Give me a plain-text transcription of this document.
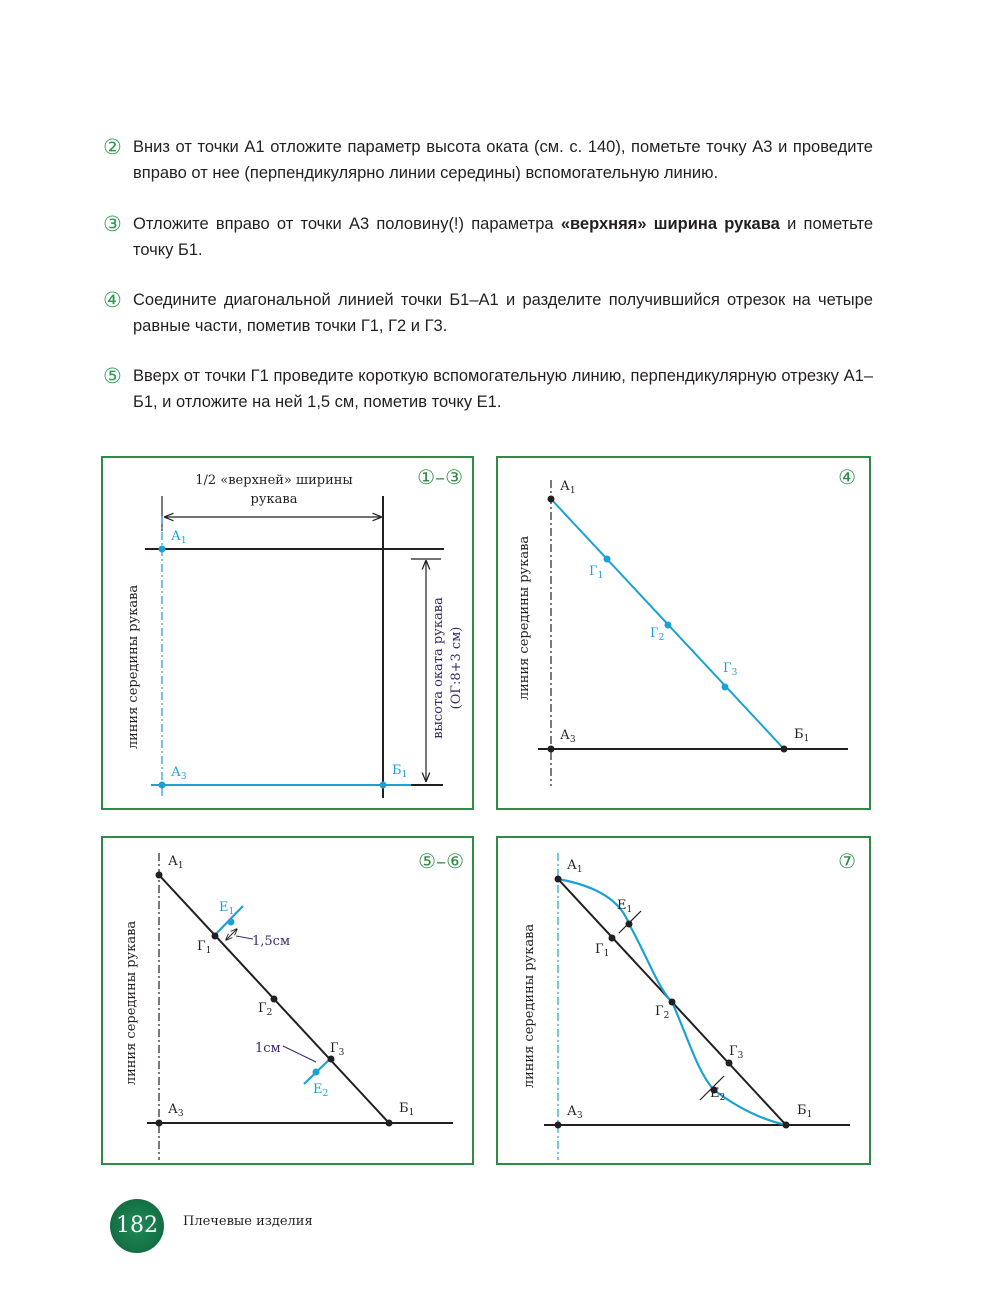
② Вниз от точки А1 отложите параметр высота оката (см. с. 140), пометьте точку А3 и проведите вправо от нее (перпендикулярно линии середины) вспомогательную линию.
③ Отложите вправо от точки А3 половину(!) параметра «верхняя» ширина рукава и пометьте точку Б1.
④ Соедините диагональной линией точки Б1–А1 и разделите получившийся отрезок на четыре равные части, пометив точки Г1, Г2 и Г3.
⑤ Вверх от точки Г1 проведите короткую вспомогательную линию, перпендикулярную отрезку А1–Б1, и отложите на ней 1,5 см, пометив точку Е1.
①–③
1/2 «верхней» ширины
рукава
$А_1$
$А_3$	$Б_1$
линия середины рукава	высота оката рукава (ОГ:8+3 см)
④
$А_1$
$А_3$	$Б_1$
$Г_1$
$Г_2$
$Г_3$
линия середины рукава
⑤–⑥
$А_1$
$А_3$	$Б_1$
$Г_1$
$Г_2$
$Г_3$
$Е_1$
$Е_2$
1,5см
1см
линия середины рукава
⑦
$А_1$
$А_3$	$Б_1$
$Г_1$
$Г_2$
$Г_3$
$Е_1$
$Е_2$
линия середины рукава
182	Плечевые изделия
